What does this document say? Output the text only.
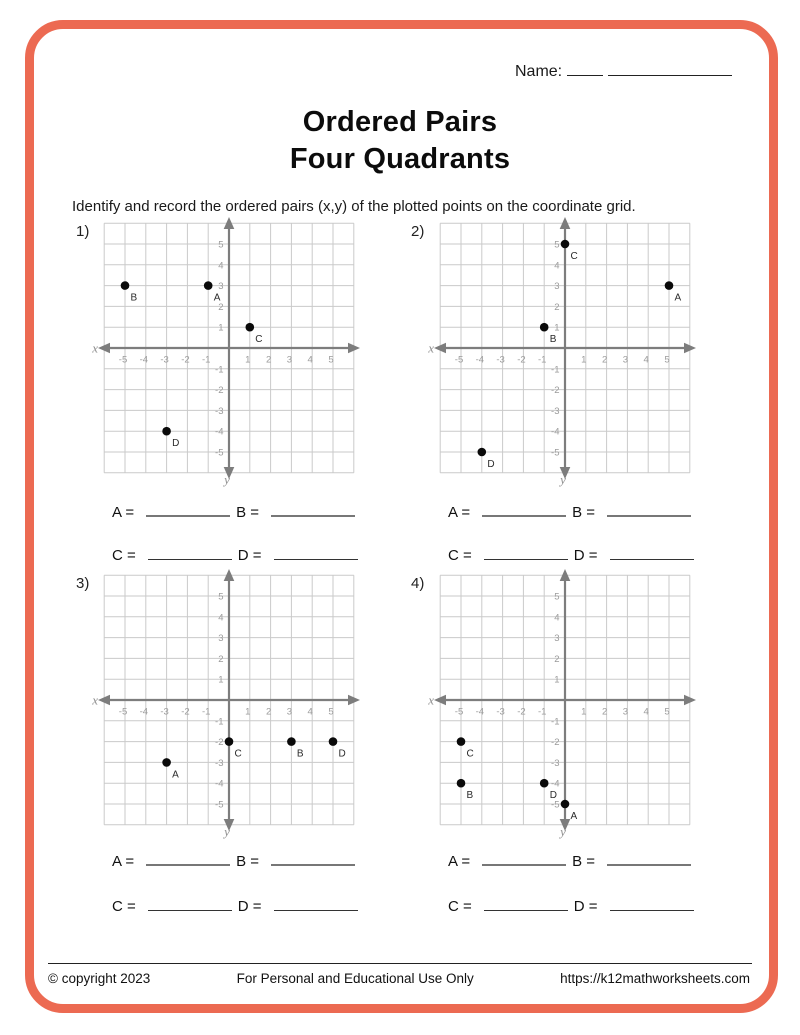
Name:
Ordered Pairs
Four Quadrants
Identify and record the ordered pairs (x,y) of the plotted points on the coordinate grid.
1)	2)
3)	4)
-5
-5
-4
-4
-3
-3
-2
-2
-1
-1
1
1
2
2
3
3
4
4
5
5
x
y
A
B
C
D
-5
-5
-4
-4
-3
-3
-2
-2
-1
-1
1
1
2
2
3
3
4
4
5
5
x
y
A
B
C
D
-5
-5
-4
-4
-3
-3
-2
-2
-1
-1
1
1
2
2
3
3
4
4
5
5
x
y
A
B
C	D
-5
-5
-4
-4
-3
-3
-2
-2
-1
-1
1
1
2
2
3
3
4
4
5
5
x
y
A
B
C
D
A =	B =
C =	D =
A =	B =
C =	D =
A =	B =
C =	D =
A =	B =
C =	D =
© copyright 2023	For Personal and Educational Use Only	https://k12mathworksheets.com
